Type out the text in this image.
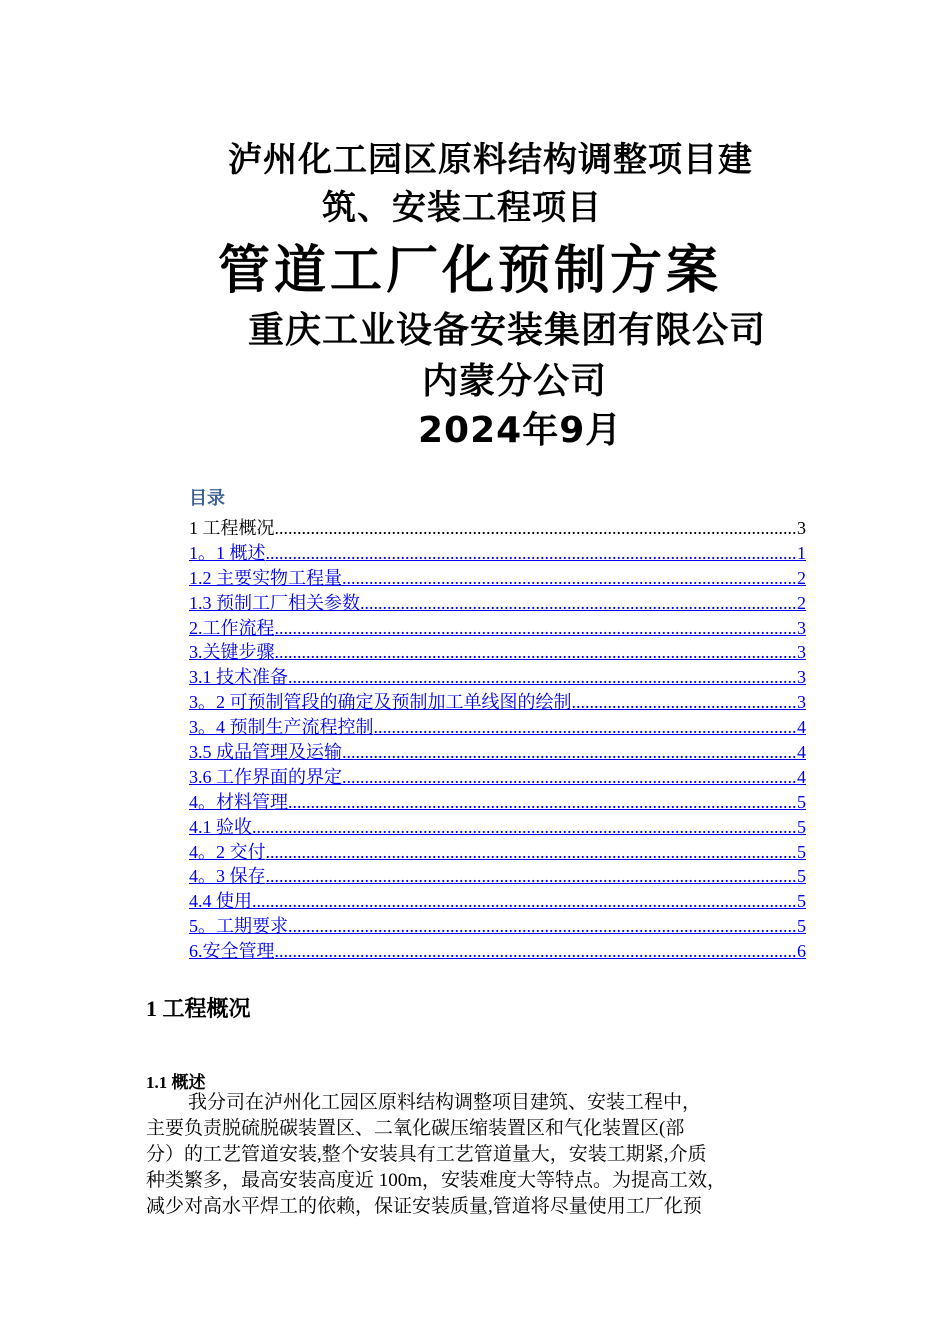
泸州化工园区原料结构调整项目建
筑、安装工程项目
管道工厂化预制方案
重庆工业设备安装集团有限公司
内蒙分公司
2024年9月
目录
1 工程概况 .....	3
1。1 概述 .....	1
1.2 主要实物工程量 .....	2
1.3 预制工厂相关参数 .....	2
2.工作流程 .....	3
3.关键步骤 .....	3
3.1 技术准备 .....	3
3。2 可预制管段的确定及预制加工单线图的绘制 .....	3
3。4 预制生产流程控制 .....	4
3.5 成品管理及运输 .....	4
3.6 工作界面的界定 .....	4
4。材料管理 .....	5
4.1 验收 .....	5
4。2 交付 .....	5
4。3 保存 .....	5
4.4 使用 .....	5
5。工期要求 .....	5
6.安全管理 .....	6
1 工程概况
1.1 概述
我分司在泸州化工园区原料结构调整项目建筑、安装工程中，
主要负责脱硫脱碳装置区、二氧化碳压缩装置区和气化装置区(部
分）的工艺管道安装,整个安装具有工艺管道量大，安装工期紧,介质
种类繁多，最高安装高度近 100m，安装难度大等特点。为提高工效，
减少对高水平焊工的依赖，保证安装质量,管道将尽量使用工厂化预
